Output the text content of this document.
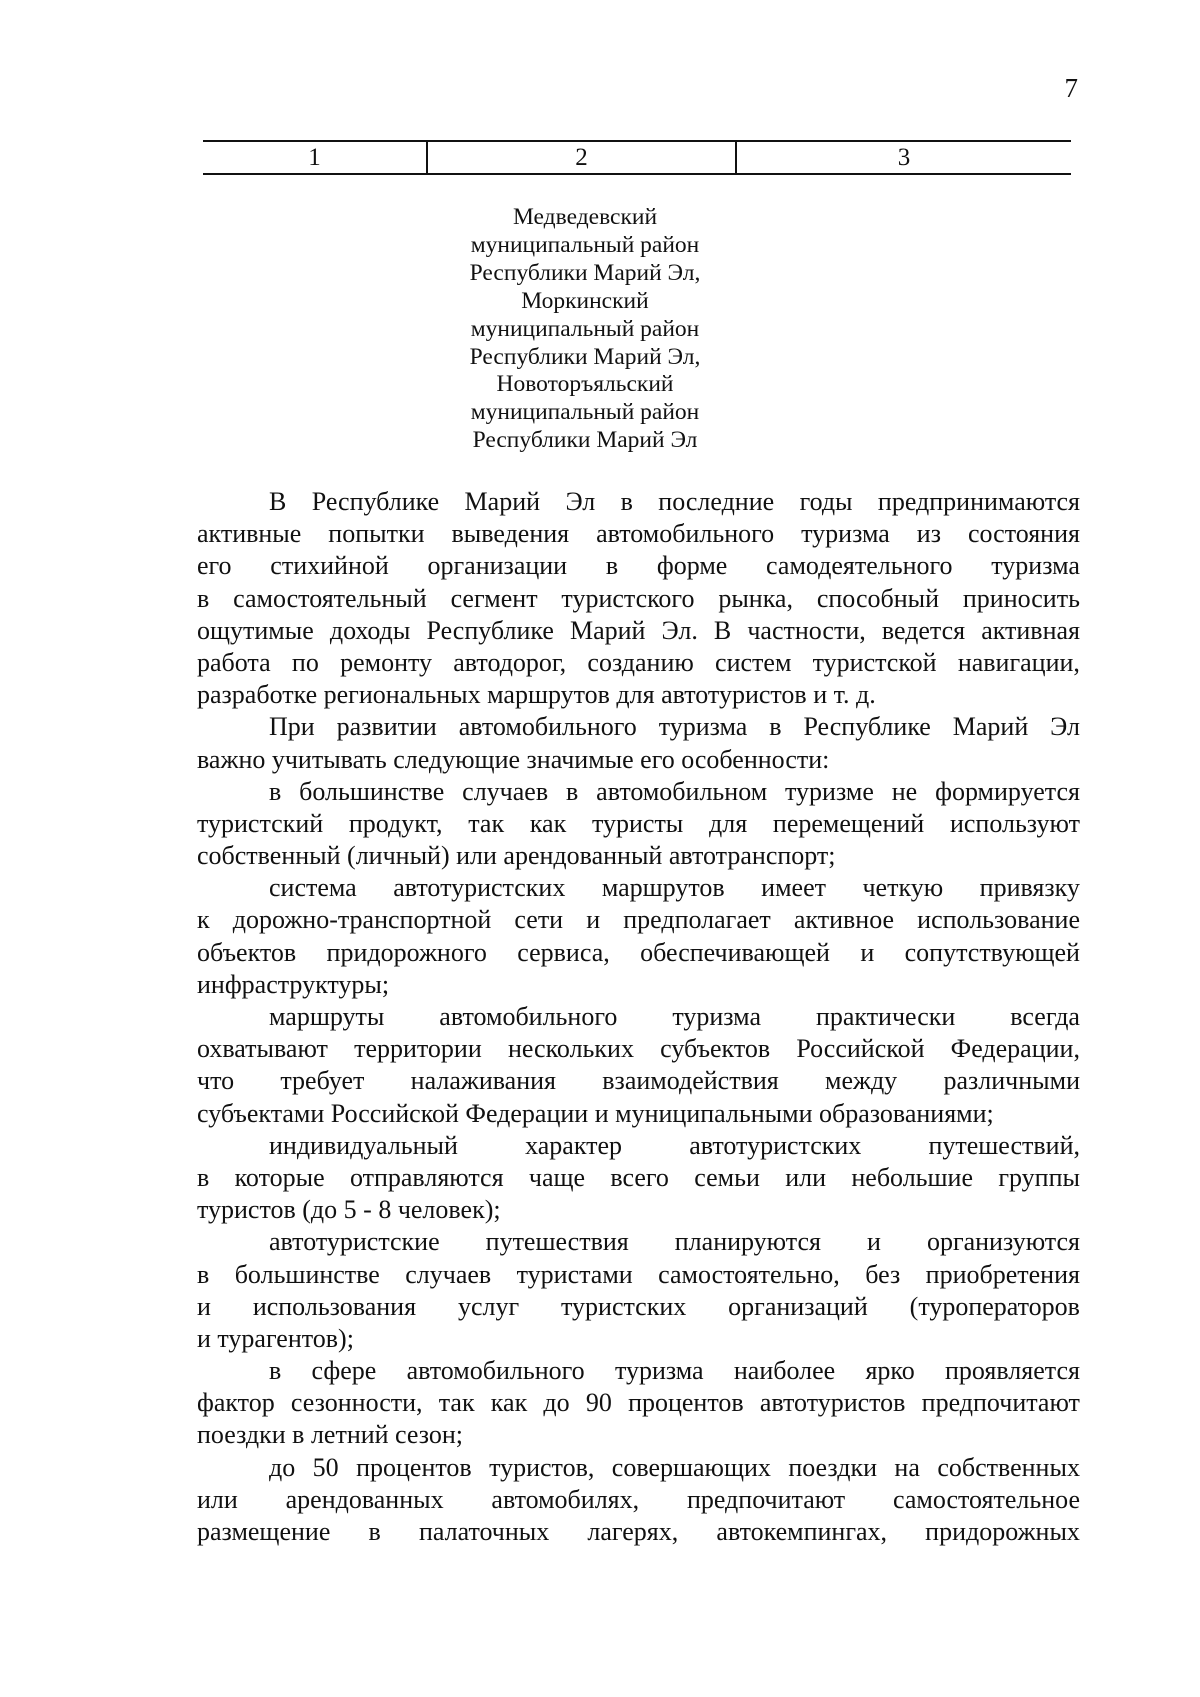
7
1	2	3
Медведевский
муниципальный район
Республики Марий Эл,
Моркинский
муниципальный район
Республики Марий Эл,
Новоторъяльский
муниципальный район
Республики Марий Эл
В Республике Марий Эл в последние годы предпринимаются
активные попытки выведения автомобильного туризма из состояния
его стихийной организации в форме самодеятельного туризма
в самостоятельный сегмент туристского рынка, способный приносить
ощутимые доходы Республике Марий Эл. В частности, ведется активная
работа по ремонту автодорог, созданию систем туристской навигации,
разработке региональных маршрутов для автотуристов и т. д.
При развитии автомобильного туризма в Республике Марий Эл
важно учитывать следующие значимые его особенности:
в большинстве случаев в автомобильном туризме не формируется
туристский продукт, так как туристы для перемещений используют
собственный (личный) или арендованный автотранспорт;
система автотуристских маршрутов имеет четкую привязку
к дорожно-транспортной сети и предполагает активное использование
объектов придорожного сервиса, обеспечивающей и сопутствующей
инфраструктуры;
маршруты автомобильного туризма практически всегда
охватывают территории нескольких субъектов Российской Федерации,
что требует налаживания взаимодействия между различными
субъектами Российской Федерации и муниципальными образованиями;
индивидуальный	характер	автотуристских	путешествий,
в которые отправляются чаще всего семьи или небольшие группы
туристов (до 5 - 8 человек);
автотуристские путешествия планируются и организуются
в большинстве случаев туристами самостоятельно, без приобретения
и использования услуг туристских организаций (туроператоров
и турагентов);
в сфере автомобильного туризма наиболее ярко проявляется
фактор сезонности, так как до 90 процентов автотуристов предпочитают
поездки в летний сезон;
до 50 процентов туристов, совершающих поездки на собственных
или арендованных автомобилях, предпочитают самостоятельное
размещение в палаточных лагерях, автокемпингах, придорожных
